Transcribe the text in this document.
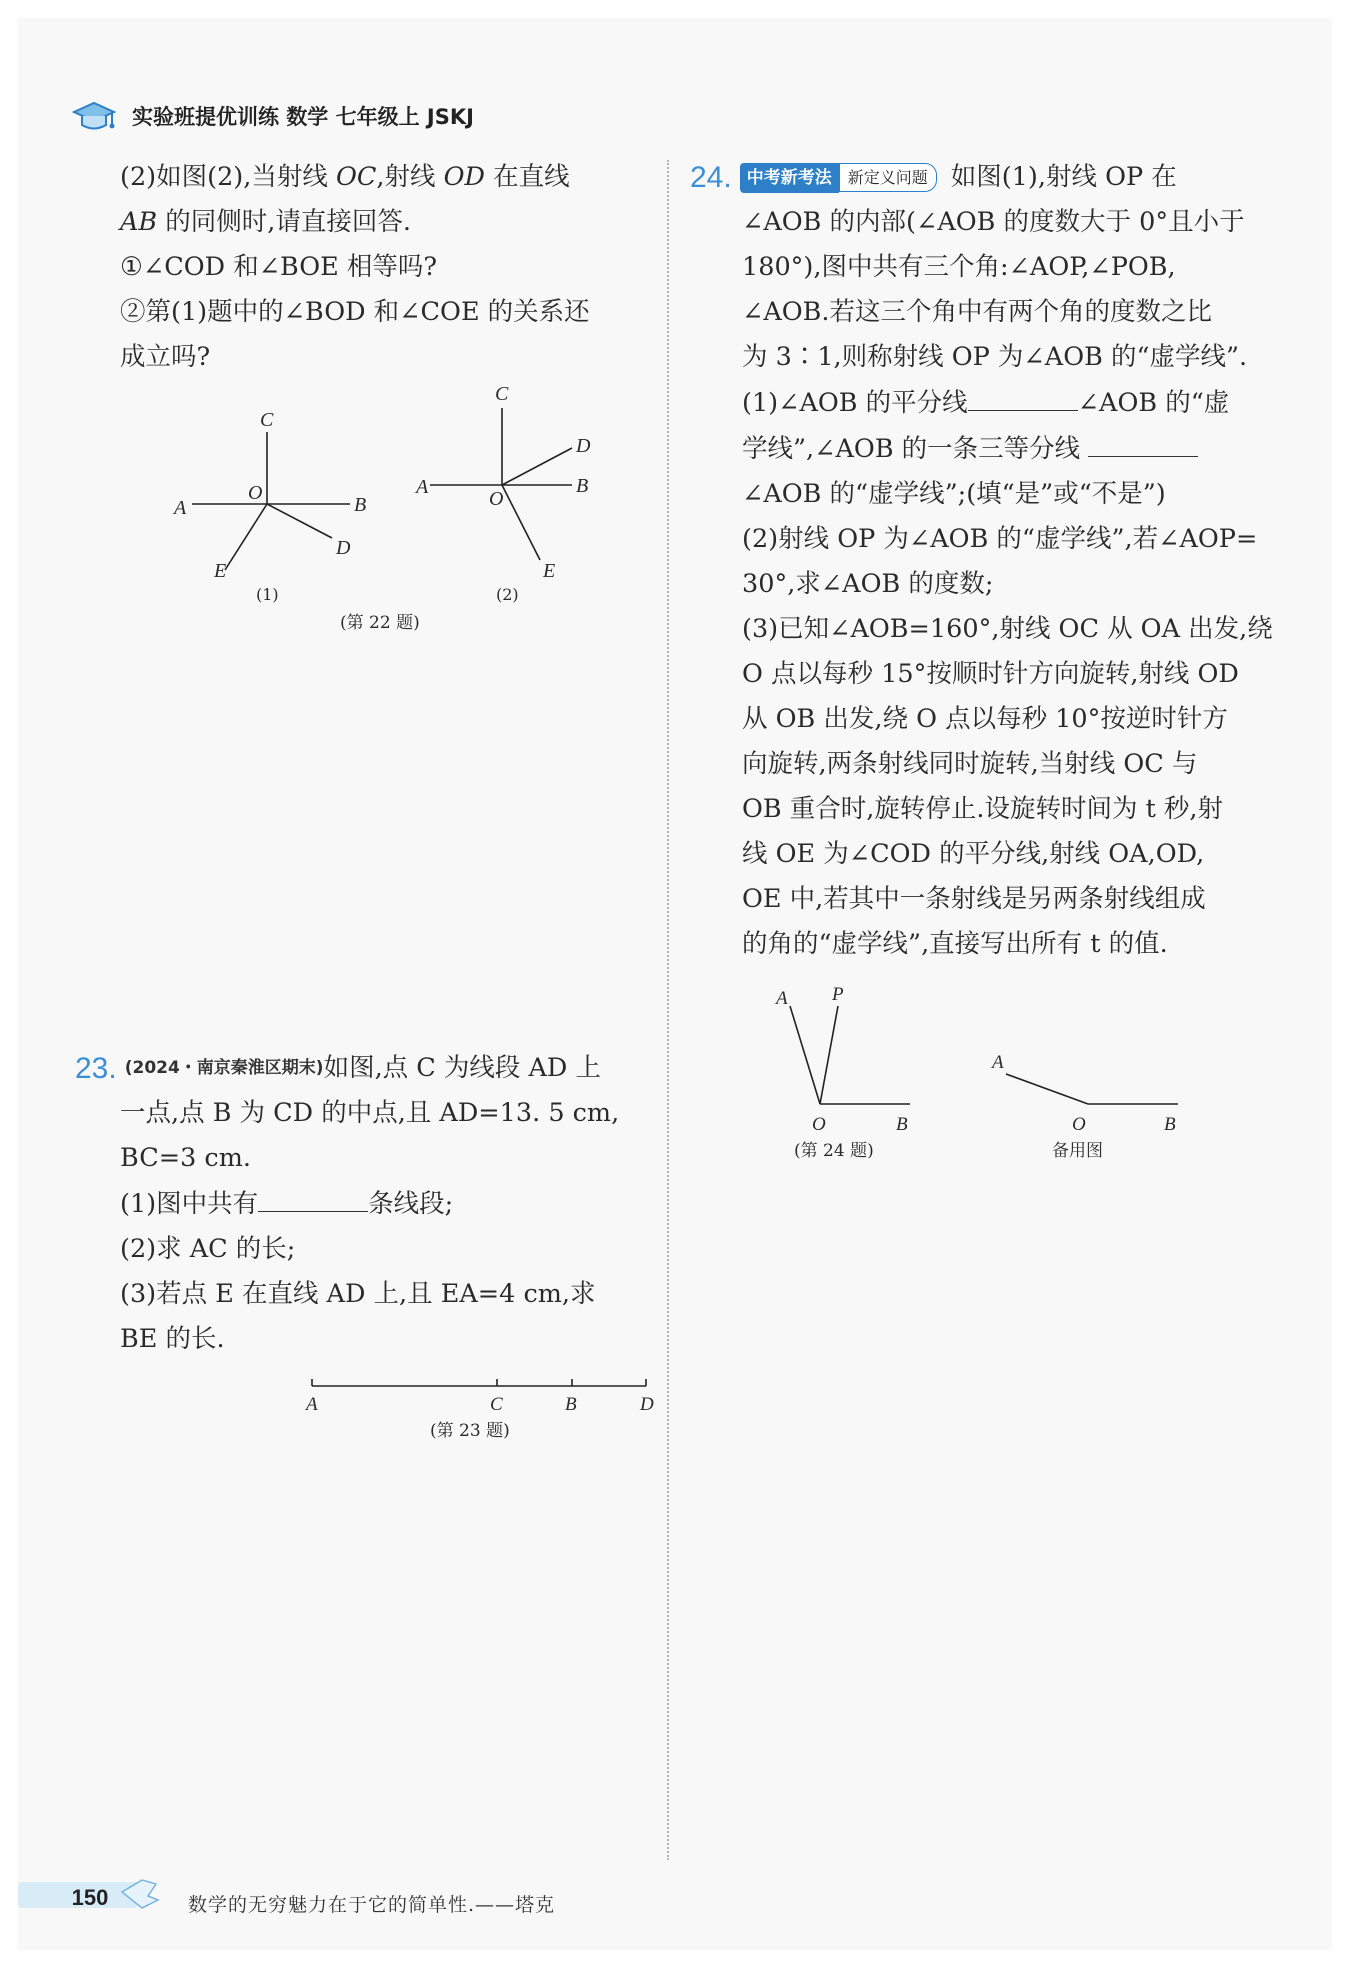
实验班提优训练 数学 七年级上 JSKJ

(2)如图(2),当射线 OC,射线 OD 在直线

AB 的同侧时,请直接回答.

①∠COD 和∠BOE 相等吗?

②第(1)题中的∠BOD 和∠COE 的关系还

成立吗?

C
D
A
O
B
E
(1)
C
D
A
O
B
E
(2)
(第 22 题)
23. (2024・南京秦淮区期末) 如图,点 C 为线段 AD 上

一点,点 B 为 CD 的中点,且 AD=13. 5 cm,

BC=3 cm.

(1)图中共有	条线段;

(2)求 AC 的长;

(3)若点 E 在直线 AD 上,且 EA=4 cm,求

BE 的长.

A	C	B	D
(第 23 题)
24. 中考新考法	新定义问题 如图(1),射线 OP 在

∠AOB 的内部(∠AOB 的度数大于 0°且小于

180°),图中共有三个角:∠AOP,∠POB,

∠AOB.若这三个角中有两个角的度数之比

为 3∶1,则称射线 OP 为∠AOB 的“虚学线”.

(1)∠AOB 的平分线	∠AOB 的“虚

学线”,∠AOB 的一条三等分线

∠AOB 的“虚学线”;(填“是”或“不是”)

(2)射线 OP 为∠AOB 的“虚学线”,若∠AOP=

30°,求∠AOB 的度数;

(3)已知∠AOB=160°,射线 OC 从 OA 出发,绕

O 点以每秒 15°按顺时针方向旋转,射线 OD

从 OB 出发,绕 O 点以每秒 10°按逆时针方

向旋转,两条射线同时旋转,当射线 OC 与

OB 重合时,旋转停止.设旋转时间为 t 秒,射

线 OE 为∠COD 的平分线,射线 OA,OD,

OE 中,若其中一条射线是另两条射线组成

的角的“虚学线”,直接写出所有 t 的值.

A P
O	B
(第 24 题)
A
O	B
备用图
150	数学的无穷魅力在于它的简单性.——塔克
